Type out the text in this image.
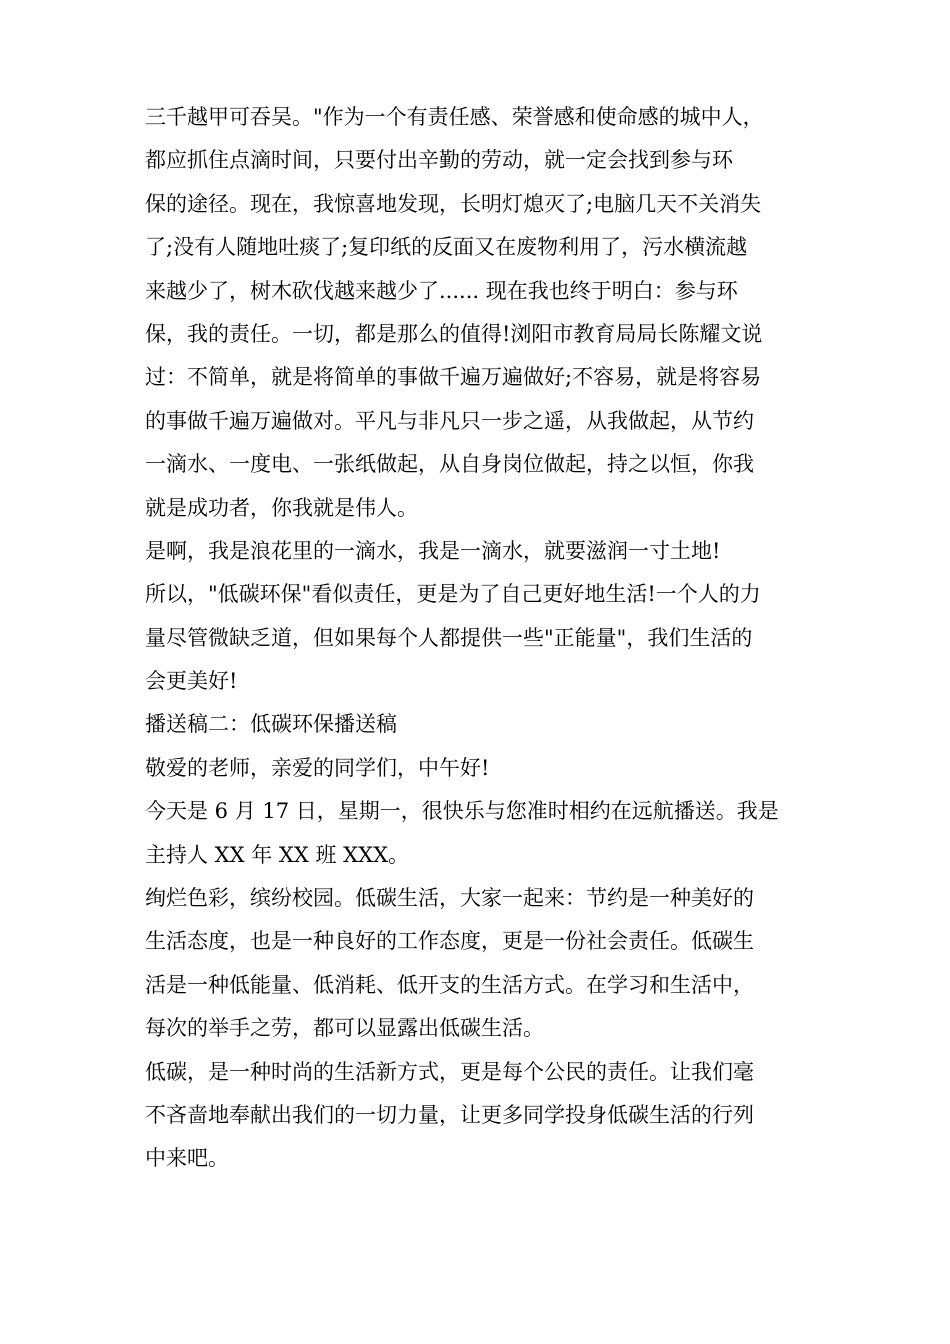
三千越甲可吞吴。"作为一个有责任感、荣誉感和使命感的城中人，
都应抓住点滴时间，只要付出辛勤的劳动，就一定会找到参与环
保的途径。现在，我惊喜地发现，长明灯熄灭了;电脑几天不关消失
了;没有人随地吐痰了;复印纸的反面又在废物利用了，污水横流越
来越少了，树木砍伐越来越少了...... 现在我也终于明白：参与环
保，我的责任。一切，都是那么的值得!浏阳市教育局局长陈耀文说
过：不简单，就是将简单的事做千遍万遍做好;不容易，就是将容易
的事做千遍万遍做对。平凡与非凡只一步之遥，从我做起，从节约
一滴水、一度电、一张纸做起，从自身岗位做起，持之以恒，你我
就是成功者，你我就是伟人。
是啊，我是浪花里的一滴水，我是一滴水，就要滋润一寸土地!
所以，"低碳环保"看似责任，更是为了自己更好地生活!一个人的力
量尽管微缺乏道，但如果每个人都提供一些"正能量"，我们生活的
会更美好!
播送稿二：低碳环保播送稿
敬爱的老师，亲爱的同学们，中午好!
今天是 6 月 17 日，星期一，很快乐与您准时相约在远航播送。我是
主持人 XX 年 XX 班 XXX。
绚烂色彩，缤纷校园。低碳生活，大家一起来：节约是一种美好的
生活态度，也是一种良好的工作态度，更是一份社会责任。低碳生
活是一种低能量、低消耗、低开支的生活方式。在学习和生活中，
每次的举手之劳，都可以显露出低碳生活。
低碳，是一种时尚的生活新方式，更是每个公民的责任。让我们毫
不吝啬地奉献出我们的一切力量，让更多同学投身低碳生活的行列
中来吧。
